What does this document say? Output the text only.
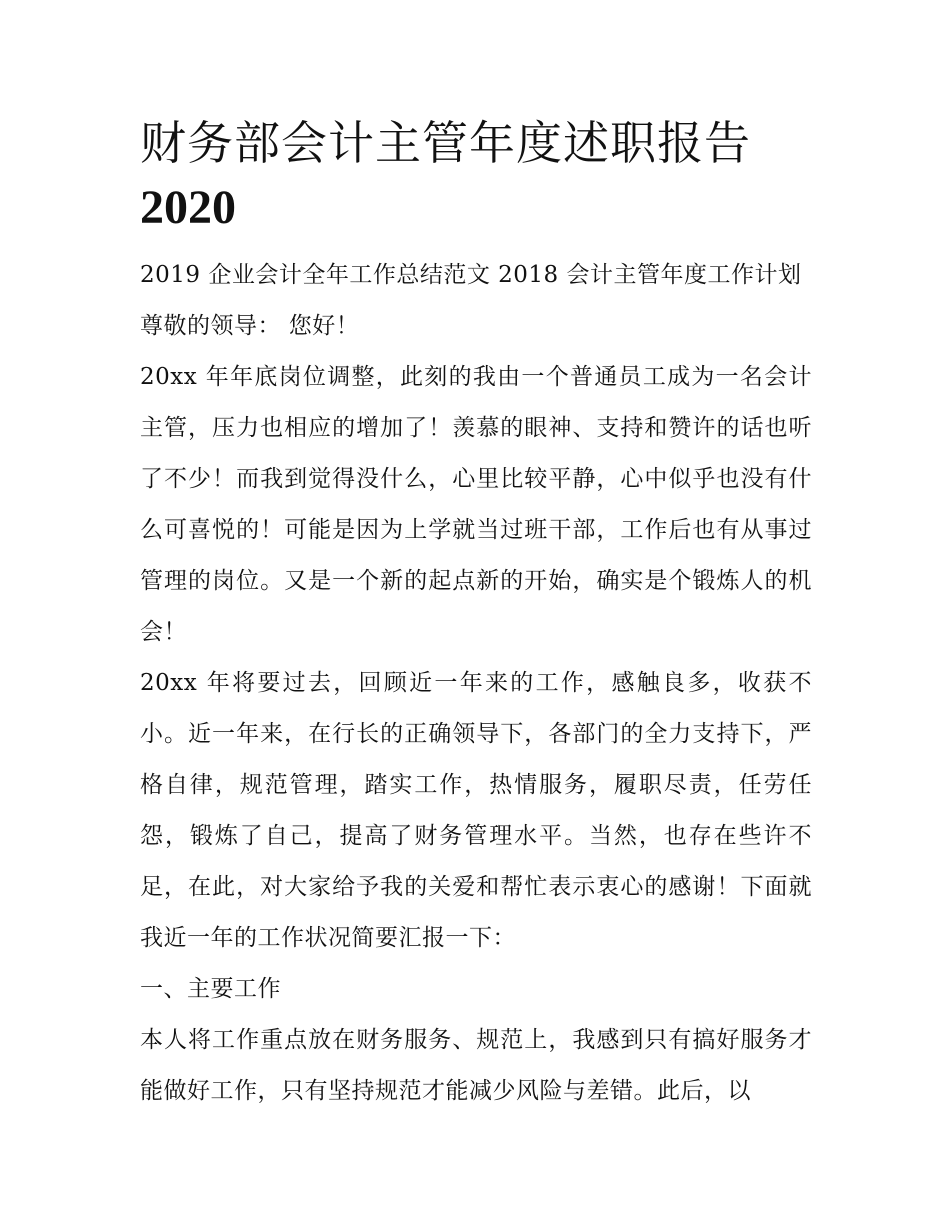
财务部会计主管年度述职报告
2020

2019 企业会计全年工作总结范文 2018 会计主管年度工作计划

尊敬的领导： 您好！

20xx 年年底岗位调整，此刻的我由一个普通员工成为一名会计主管，压力也相应的增加了！羡慕的眼神、支持和赞许的话也听了不少！而我到觉得没什么，心里比较平静，心中似乎也没有什么可喜悦的！可能是因为上学就当过班干部，工作后也有从事过管理的岗位。又是一个新的起点新的开始，确实是个锻炼人的机会！

20xx 年将要过去，回顾近一年来的工作，感触良多，收获不小。近一年来，在行长的正确领导下，各部门的全力支持下，严格自律，规范管理，踏实工作，热情服务，履职尽责，任劳任怨，锻炼了自己，提高了财务管理水平。当然，也存在些许不足，在此，对大家给予我的关爱和帮忙表示衷心的感谢！下面就我近一年的工作状况简要汇报一下：

一、主要工作

本人将工作重点放在财务服务、规范上，我感到只有搞好服务才能做好工作，只有坚持规范才能减少风险与差错。此后，以
